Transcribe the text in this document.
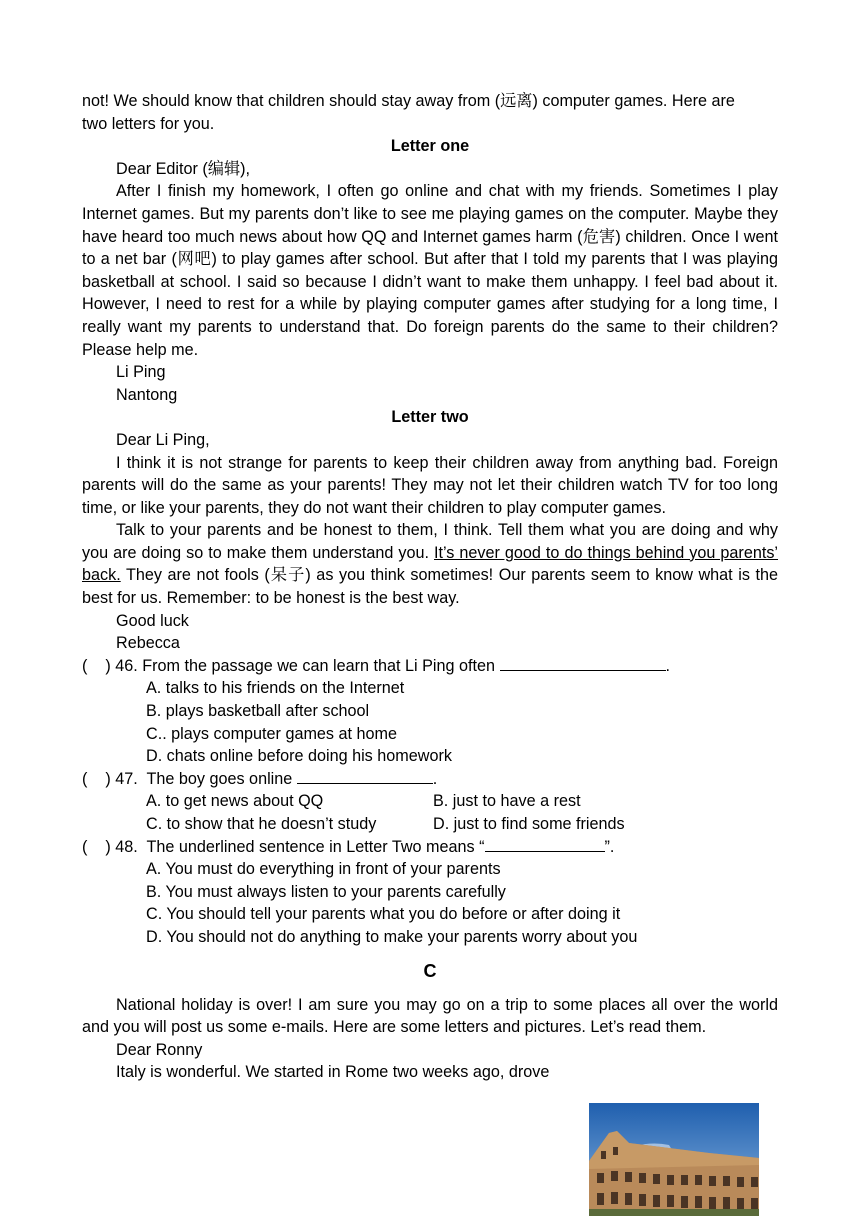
not! We should know that children should stay away from (远离) computer games. Here are

two letters for you.

Letter one

Dear Editor (编辑),

After I finish my homework, I often go online and chat with my friends. Sometimes I play Internet games. But my parents don’t like to see me playing games on the computer. Maybe they have heard too much news about how QQ and Internet games harm (危害) children. Once I went to a net bar (网吧) to play games after school. But after that I told my parents that I was playing basketball at school. I said so because I didn’t want to make them unhappy. I feel bad about it. However, I need to rest for a while by playing computer games after studying for a long time, I really want my parents to understand that. Do foreign parents do the same to their children? Please help me.

Li Ping

Nantong

Letter two

Dear Li Ping,

I think it is not strange for parents to keep their children away from anything bad. Foreign parents will do the same as your parents! They may not let their children watch TV for too long time, or like your parents, they do not want their children to play computer games.

Talk to your parents and be honest to them, I think. Tell them what you are doing and why you are doing so to make them understand you. It’s never good to do things behind you parents’ back. They are not fools (呆子) as you think sometimes! Our parents seem to know what is the best for us. Remember: to be honest is the best way.

Good luck

Rebecca

(    ) 46. From the passage we can learn that Li Ping often	.

A. talks to his friends on the Internet

B. plays basketball after school

C.. plays computer games at home

D. chats online before doing his homework

(    ) 47.  The boy goes online	.

A. to get news about QQ	B. just to have a rest
C. to show that he doesn’t study	D. just to find some friends

(    ) 48.  The underlined sentence in Letter Two means “	”.

A. You must do everything in front of your parents

B. You must always listen to your parents carefully

C. You should tell your parents what you do before or after doing it

D. You should not do anything to make your parents worry about you

C

National holiday is over! I am sure you may go on a trip to some places all over the world and you will post us some e-mails. Here are some letters and pictures. Let’s read them.

Dear Ronny

Italy is wonderful. We started in Rome two weeks ago, drove
